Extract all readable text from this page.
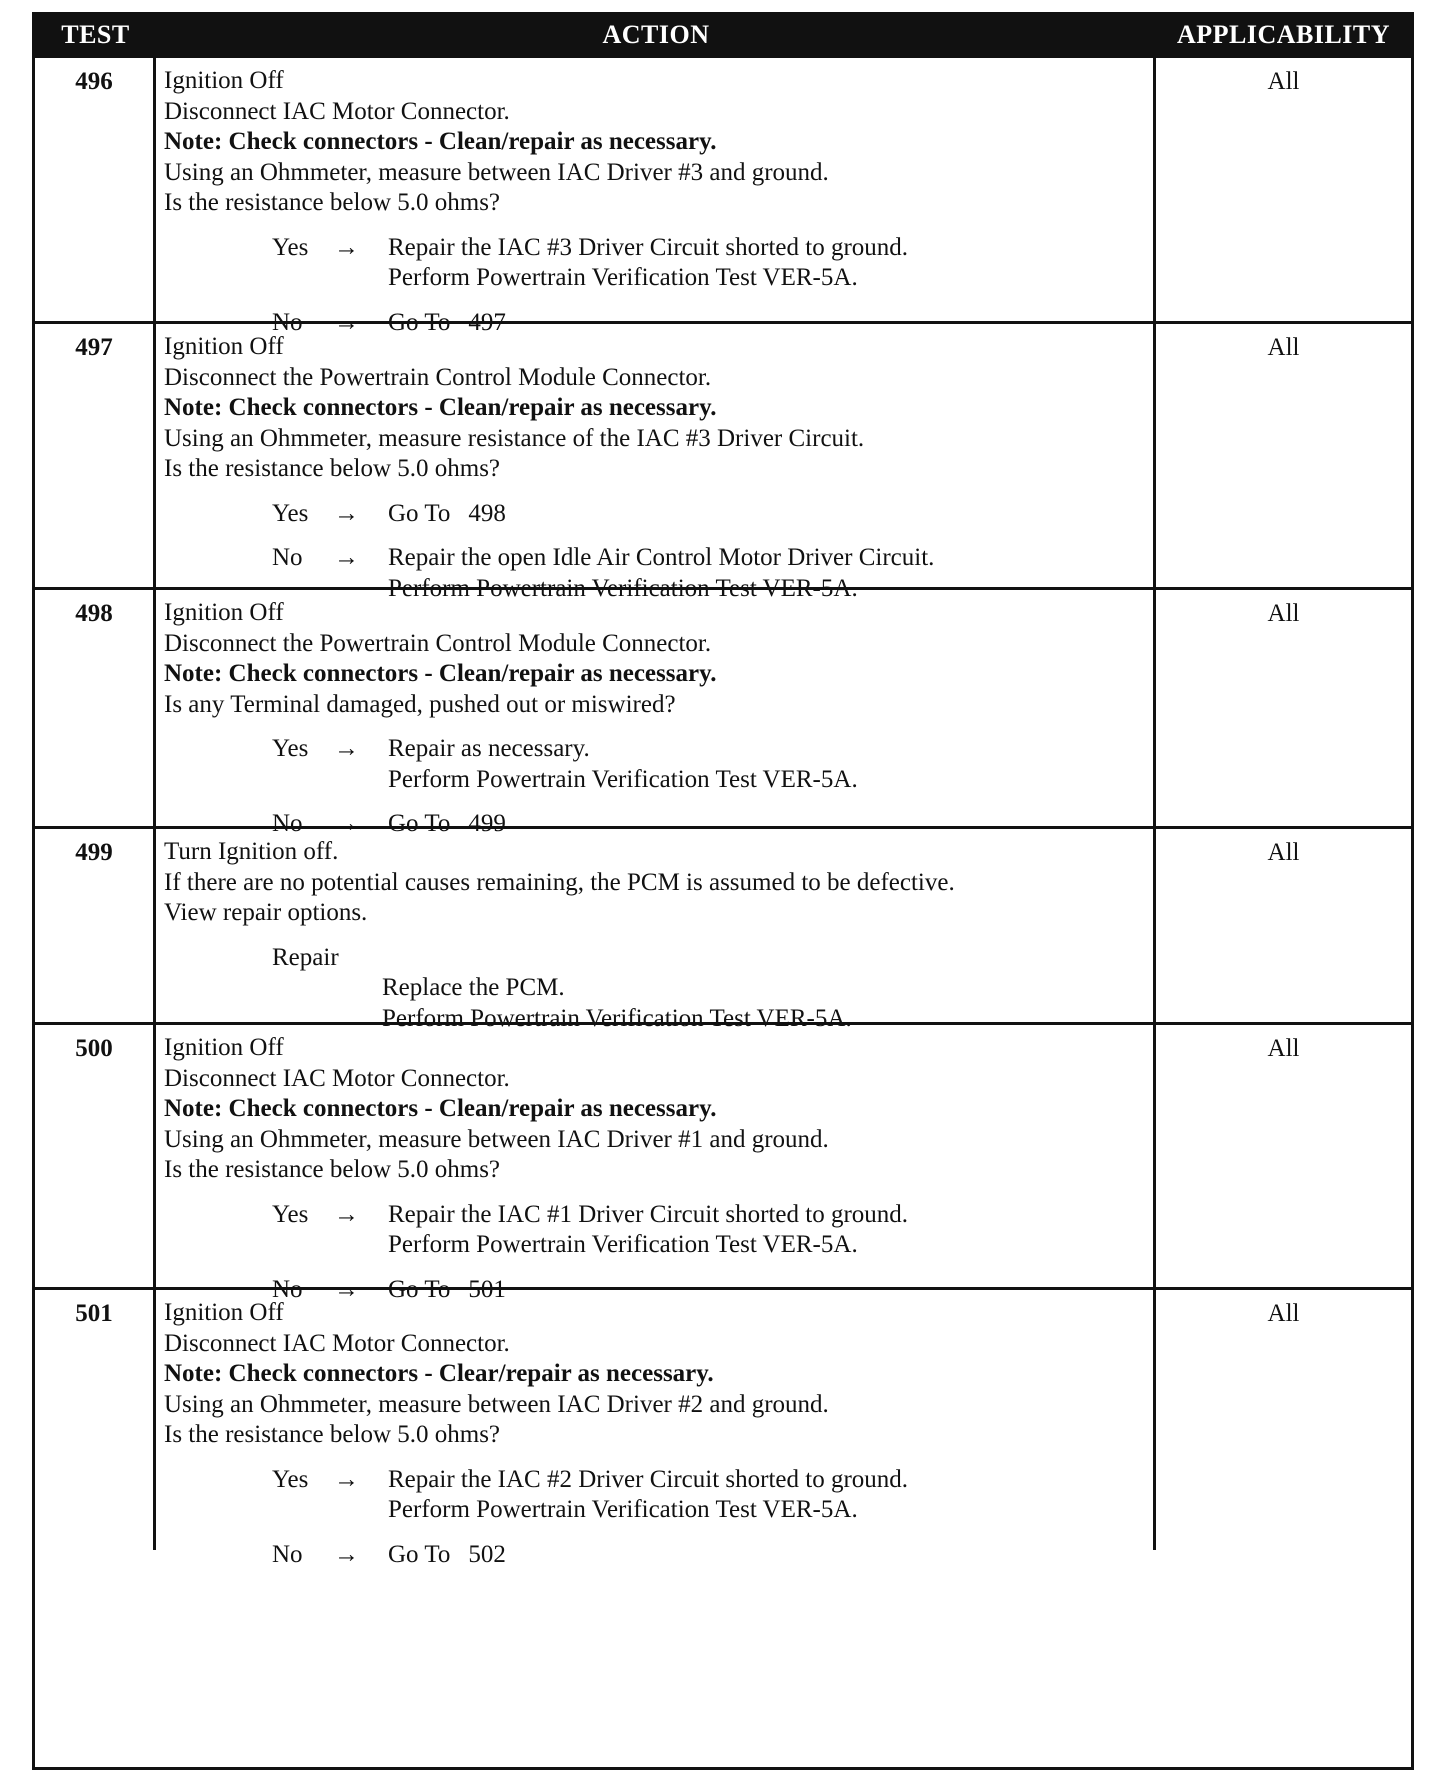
TEST	ACTION	APPLICABILITY
496	Ignition Off
Disconnect IAC Motor Connector.
Note: Check connectors - Clean/repair as necessary.
Using an Ohmmeter, measure between IAC Driver #3 and ground.
Is the resistance below 5.0 ohms?
Yes	→	Repair the IAC #3 Driver Circuit shorted to ground.
Perform Powertrain Verification Test VER-5A.
No	→	Go To 497
All
497	Ignition Off
Disconnect the Powertrain Control Module Connector.
Note: Check connectors - Clean/repair as necessary.
Using an Ohmmeter, measure resistance of the IAC #3 Driver Circuit.
Is the resistance below 5.0 ohms?
Yes	→	Go To 498
No	→	Repair the open Idle Air Control Motor Driver Circuit.
Perform Powertrain Verification Test VER-5A.
All
498	Ignition Off
Disconnect the Powertrain Control Module Connector.
Note: Check connectors - Clean/repair as necessary.
Is any Terminal damaged, pushed out or miswired?
Yes	→	Repair as necessary.
Perform Powertrain Verification Test VER-5A.
No	→	Go To 499
All
499	Turn Ignition off.
If there are no potential causes remaining, the PCM is assumed to be defective.
View repair options.
Repair
Replace the PCM.
Perform Powertrain Verification Test VER-5A.
All
500	Ignition Off
Disconnect IAC Motor Connector.
Note: Check connectors - Clean/repair as necessary.
Using an Ohmmeter, measure between IAC Driver #1 and ground.
Is the resistance below 5.0 ohms?
Yes	→	Repair the IAC #1 Driver Circuit shorted to ground.
Perform Powertrain Verification Test VER-5A.
No	→	Go To 501
All
501	Ignition Off
Disconnect IAC Motor Connector.
Note: Check connectors - Clear/repair as necessary.
Using an Ohmmeter, measure between IAC Driver #2 and ground.
Is the resistance below 5.0 ohms?
Yes	→	Repair the IAC #2 Driver Circuit shorted to ground.
Perform Powertrain Verification Test VER-5A.
No	→	Go To 502
All
